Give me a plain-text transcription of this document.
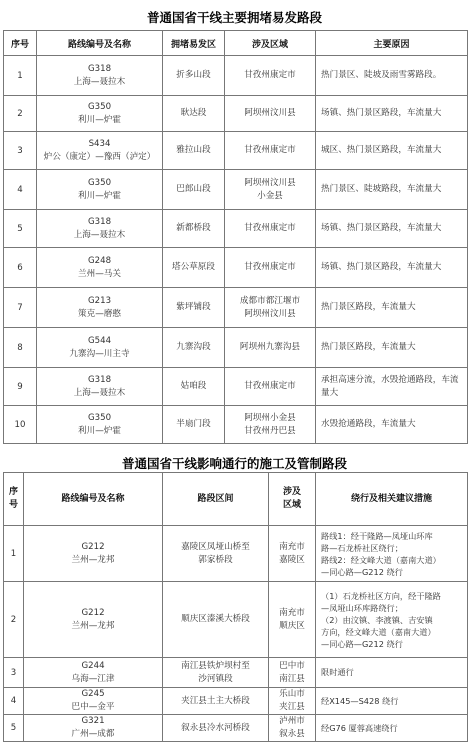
普通国省干线主要拥堵易发路段
序号	路线编号及名称	拥堵易发区	涉及区域	主要原因
1	G318
上海—聂拉木	折多山段	甘孜州康定市	热门景区、陡坡及雨雪雾路段。

2	G350
利川—炉霍	耿达段	阿坝州汶川县	场镇、热门景区路段，车流量大

3	S434
炉公（康定）—豫西（泸定）	雅拉山段	甘孜州康定市	城区、热门景区路段，车流量大

4	G350
利川—炉霍	巴郎山段	阿坝州汶川县
小金县	热门景区、陡坡路段，车流量大

5	G318
上海—聂拉木	新都桥段	甘孜州康定市	场镇、热门景区路段，车流量大

6	G248
兰州—马关	塔公草原段	甘孜州康定市	场镇、热门景区路段，车流量大

7	G213
策克—磨憨	紫坪铺段	成都市都江堰市
阿坝州汶川县	热门景区路段，车流量大

8	G544
九寨沟—川主寺	九寨沟段	阿坝州九寨沟县	热门景区路段，车流量大

9	G318
上海—聂拉木	姑咱段	甘孜州康定市	承担高速分流，水毁抢通路段，车流量大

10	G350
利川—炉霍	半扇门段	阿坝州小金县
甘孜州丹巴县	水毁抢通路段，车流量大
普通国省干线影响通行的施工及管制路段
序
号	路线编号及名称	路段区间	涉及
区域	绕行及相关建议措施

1	G212
兰州—龙邦	嘉陵区凤垭山桥至
郭家桥段	南充市
嘉陵区	路线1：经干隆路—凤垭山环库
路—石龙桥社区绕行；
路线2：经文峰大道（嘉南大道）
—同心路—G212 绕行

2	G212
兰州—龙邦	顺庆区溱溪大桥段	南充市
顺庆区	（1）石龙桥社区方向，经干隆路
—凤垭山环库路绕行；
（2）由汶镇、李渡镇、吉安镇
方向，经文峰大道（嘉南大道）
—同心路—G212 绕行

3	G244
乌海—江津	南江县铁炉坝村至
沙河镇段	巴中市
南江县	限时通行

4	G245
巴中—金平	夹江县土主大桥段	乐山市
夹江县	经X145—S428 绕行

5	G321
广州—成都	叙永县冷水河桥段	泸州市
叙永县	经G76 厦蓉高速绕行
